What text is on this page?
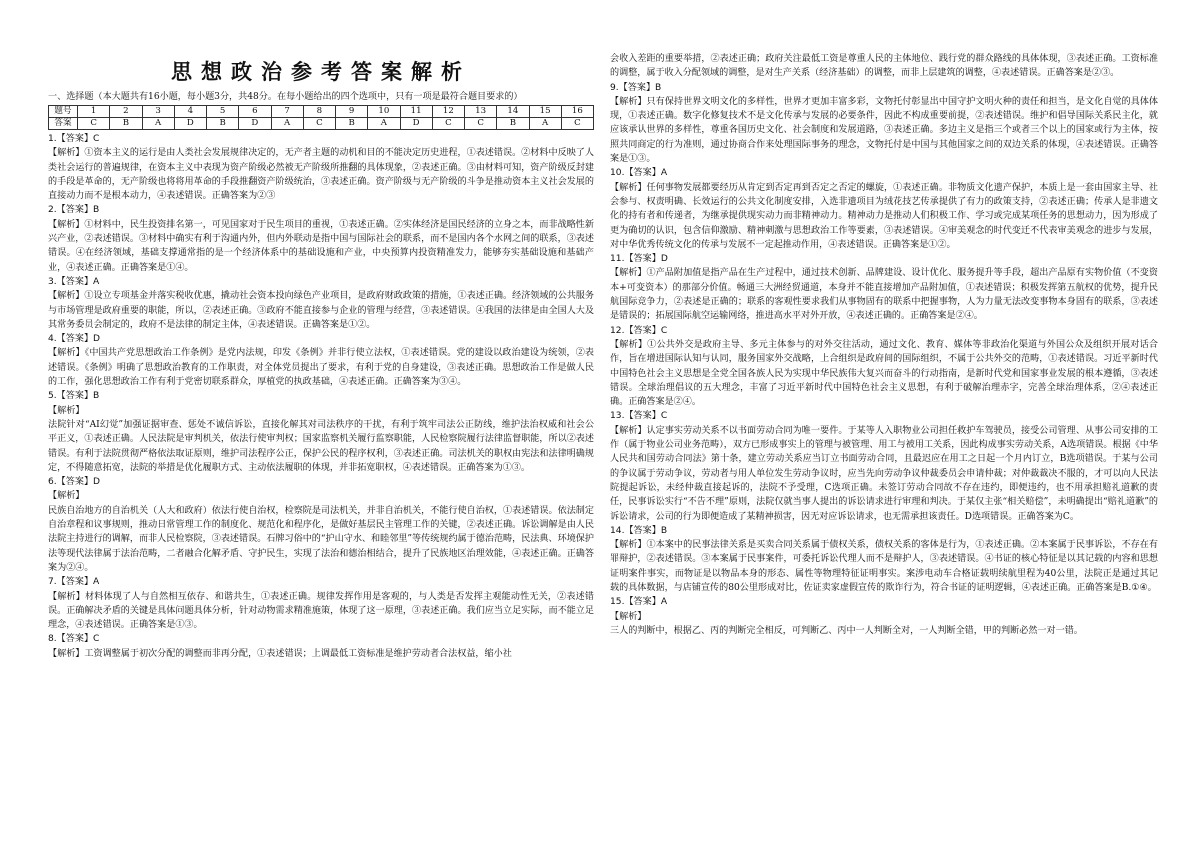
思想政治参考答案解析

一、选择题（本大题共有16小题，每小题3分，共48分。在每小题给出的四个选项中，只有一项是最符合题目要求的）

题号	1	2	3	4	5	6	7	8	9	10	11	12	13	14	15	16
答案	C	B	A	D	B	D	A	C	B	A	D	C	C	B	A	C

1.【答案】C

【解析】①资本主义的运行是由人类社会发展规律决定的，无产者主题的动机和目的不能决定历史进程，①表述错误。②材料中反映了人类社会运行的普遍规律，在资本主义中表现为资产阶级必然被无产阶级所推翻的具体现象，②表述正确。③由材料可知，资产阶级反封建的手段是革命的，无产阶级也将将用革命的手段推翻资产阶级统治，③表述正确。资产阶级与无产阶级的斗争是推动资本主义社会发展的直接动力而不是根本动力，④表述错误。正确答案为②③

2.【答案】B

【解析】①材料中，民生投资排名第一，可见国家对于民生项目的重视，①表述正确。②实体经济是国民经济的立身之本，而非战略性新兴产业，②表述错误。③材料中确实有利于沟通内外，但内外联动是指中国与国际社会的联系，而不是国内各个水网之间的联系，③表述错误。④在经济领域，基础支撑通常指的是一个经济体系中的基础设施和产业，中央预算内投资精准发力，能够夯实基础设施和基础产业，④表述正确。正确答案是①④。

3.【答案】A

【解析】①设立专项基金并落实税收优惠，撬动社会资本投向绿色产业项目，是政府财政政策的措施，①表述正确。经济领域的公共服务与市场管理是政府重要的职能，所以，②表述正确。③政府不能直接参与企业的管理与经营，③表述错误。④我国的法律是由全国人大及其常务委员会制定的，政府不是法律的制定主体，④表述错误。正确答案是①②。

4.【答案】D

【解析】《中国共产党思想政治工作条例》是党内法规，印发《条例》并非行使立法权，①表述错误。党的建设以政治建设为统领，②表述错误。《条例》明确了思想政治教育的工作职责，对全体党员提出了要求，有利于党的自身建设，③表述正确。思想政治工作是做人民的工作，强化思想政治工作有利于党密切联系群众，厚植党的执政基础，④表述正确。正确答案为③④。

5.【答案】B

【解析】

法院针对“AI幻觉”加强证据审查、惩处不诚信诉讼，直接化解其对司法秩序的干扰，有利于筑牢司法公正防线，维护法治权威和社会公平正义，①表述正确。人民法院是审判机关，依法行使审判权；国家监察机关履行监察职能，人民检察院履行法律监督职能，所以②表述错误。有利于法院贯彻严格依法取证原则，维护司法程序公正，保护公民的程序权利，③表述正确。司法机关的职权由宪法和法律明确规定，不得随意拓宽，法院的举措是优化履职方式、主动依法履职的体现，并非拓宽职权，④表述错误。正确答案为①③。

6.【答案】D

【解析】

民族自治地方的自治机关（人大和政府）依法行使自治权，检察院是司法机关，并非自治机关，不能行使自治权，①表述错误。依法制定自治章程和议事规则，推动日常管理工作的制度化、规范化和程序化，是做好基层民主管理工作的关键，②表述正确。诉讼调解是由人民法院主持进行的调解，而非人民检察院，③表述错误。石牌习俗中的“护山守水、和睦邻里”等传统规约属于德治范畴，民法典、环境保护法等现代法律属于法治范畴，二者融合化解矛盾、守护民生，实现了法治和德治相结合，提升了民族地区治理效能，④表述正确。正确答案为②④。

7.【答案】A

【解析】材料体现了人与自然相互依存、和谐共生，①表述正确。规律发挥作用是客观的，与人类是否发挥主观能动性无关，②表述错误。正确解决矛盾的关键是具体问题具体分析，针对动物需求精准施策，体现了这一原理，③表述正确。我们应当立足实际，而不能立足理念，④表述错误。正确答案是①③。

8.【答案】C

【解析】工资调整属于初次分配的调整而非再分配，①表述错误；上调最低工资标准是维护劳动者合法权益，缩小社

会收入差距的重要举措，②表述正确；政府关注最低工资是尊重人民的主体地位、践行党的群众路线的具体体现，③表述正确。工资标准的调整，属于收入分配领域的调整，是对生产关系（经济基础）的调整，而非上层建筑的调整，④表述错误。正确答案是②③。

9.【答案】B

【解析】只有保持世界文明文化的多样性，世界才更加丰富多彩，文物托付彰显出中国守护文明火种的责任和担当，是文化自觉的具体体现，①表述正确。数字化修复技术不是文化传承与发展的必要条件，因此不构成重要前提，②表述错误。维护和倡导国际关系民主化，就应该承认世界的多样性，尊重各国历史文化、社会制度和发展道路，③表述正确。多边主义是指三个或者三个以上的国家或行为主体，按照共同商定的行为准则，通过协商合作来处理国际事务的理念，文物托付是中国与其他国家之间的双边关系的体现，④表述错误。正确答案是①③。

10.【答案】A

【解析】任何事物发展都要经历从肯定到否定再到否定之否定的螺旋，①表述正确。非物质文化遗产保护，本质上是一套由国家主导、社会参与、权责明确、长效运行的公共文化制度安排，入选非遗项目为绒花技艺传承提供了有力的政策支持，②表述正确；传承人是非遗文化的持有者和传递者，为继承提供现实动力而非精神动力。精神动力是推动人们积极工作、学习或完成某项任务的思想动力，因为形成了更为确切的认识，包含信仰激励、精神刺激与思想政治工作等要素，③表述错误。④审美观念的时代变迁不代表审美观念的进步与发展，对中华优秀传统文化的传承与发展不一定起推动作用，④表述错误。正确答案是①②。

11.【答案】D

【解析】①产品附加值是指产品在生产过程中，通过技术创新、品牌建设、设计优化、服务提升等手段，超出产品原有实物价值（不变资本+可变资本）的那部分价值。畅通三大洲经贸通道，本身并不能直接增加产品附加值，①表述错误；积极发挥第五航权的优势，提升民航国际竞争力，②表述是正确的；联系的客观性要求我们从事物固有的联系中把握事物，人为力量无法改变事物本身固有的联系，③表述是错误的；拓展国际航空运输网络，推进高水平对外开放，④表述正确的。正确答案是②④。

12.【答案】C

【解析】①公共外交是政府主导、多元主体参与的对外交往活动，通过文化、教育、媒体等非政治化渠道与外国公众及组织开展对话合作，旨在增进国际认知与认同，服务国家外交战略，上合组织是政府间的国际组织，不属于公共外交的范畴，①表述错误。习近平新时代中国特色社会主义思想是全党全国各族人民为实现中华民族伟大复兴而奋斗的行动指南，是新时代党和国家事业发展的根本遵循，③表述错误。全球治理倡议的五大理念，丰富了习近平新时代中国特色社会主义思想，有利于破解治理赤字，完善全球治理体系，②④表述正确。正确答案是②④。

13.【答案】C

【解析】认定事实劳动关系不以书面劳动合同为唯一要件。于某等人入职物业公司担任救护车驾驶员，接受公司管理、从事公司安排的工作（属于物业公司业务范畴），双方已形成事实上的管理与被管理、用工与被用工关系，因此构成事实劳动关系，A选项错误。根据《中华人民共和国劳动合同法》第十条，建立劳动关系应当订立书面劳动合同，且最迟应在用工之日起一个月内订立，B选项错误。于某与公司的争议属于劳动争议，劳动者与用人单位发生劳动争议时，应当先向劳动争议仲裁委员会申请仲裁；对仲裁裁决不服的，才可以向人民法院提起诉讼，未经仲裁直接起诉的，法院不予受理，C选项正确。未签订劳动合同故不存在违约，即便违约，也不用承担赔礼道歉的责任，民事诉讼实行“不告不理”原则，法院仅就当事人提出的诉讼请求进行审理和判决。于某仅主张“相关赔偿”，未明确提出“赔礼道歉”的诉讼请求，公司的行为即便造成了某精神损害，因无对应诉讼请求，也无需承担该责任。D选项错误。正确答案为C。

14.【答案】B

【解析】①本案中的民事法律关系是买卖合同关系属于债权关系，债权关系的客体是行为，①表述正确。②本案属于民事诉讼，不存在有罪辩护，②表述错误。③本案属于民事案件，可委托诉讼代理人而不是辩护人，③表述错误。④书证的核心特征是以其记载的内容和思想证明案件事实，而物证是以物品本身的形态、属性等物理特征证明事实。案涉电动车合格证载明续航里程为40公里，法院正是通过其记载的具体数据，与店铺宣传的80公里形成对比，佐证卖家虚假宣传的欺诈行为，符合书证的证明逻辑，④表述正确。正确答案是B.①④。

15.【答案】A

【解析】

三人的判断中，根据乙、丙的判断完全相反，可判断乙、丙中一人判断全对，一人判断全错，甲的判断必然一对一错。
